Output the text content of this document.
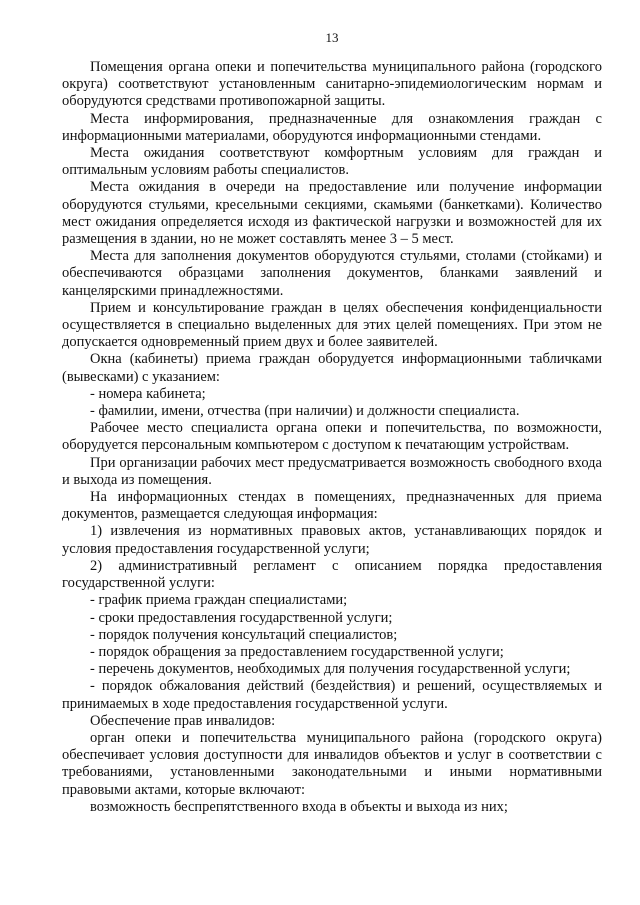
13

Помещения органа опеки и попечительства муниципального района (городского округа) соответствуют установленным санитарно-эпидемиологическим нормам и оборудуются средствами противопожарной защиты.

Места информирования, предназначенные для ознакомления граждан с информационными материалами, оборудуются информационными стендами.

Места ожидания соответствуют комфортным условиям для граждан и оптимальным условиям работы специалистов.

Места ожидания в очереди на предоставление или получение информации оборудуются стульями, кресельными секциями, скамьями (банкетками). Количество мест ожидания определяется исходя из фактической нагрузки и возможностей для их размещения в здании, но не может составлять менее 3 – 5 мест.

Места для заполнения документов оборудуются стульями, столами (стойками) и обеспечиваются образцами заполнения документов, бланками заявлений и канцелярскими принадлежностями.

Прием и консультирование граждан в целях обеспечения конфиденциальности осуществляется в специально выделенных для этих целей помещениях. При этом не допускается одновременный прием двух и более заявителей.

Окна (кабинеты) приема граждан оборудуется информационными табличками (вывесками) с указанием:

- номера кабинета;

- фамилии, имени, отчества (при наличии) и должности специалиста.

Рабочее место специалиста органа опеки и попечительства, по возможности, оборудуется персональным компьютером с доступом к печатающим устройствам.

При организации рабочих мест предусматривается возможность свободного входа и выхода из помещения.

На информационных стендах в помещениях, предназначенных для приема документов, размещается следующая информация:

1) извлечения из нормативных правовых актов, устанавливающих порядок и условия предоставления государственной услуги;

2) административный регламент с описанием порядка предоставления государственной услуги:

- график приема граждан специалистами;

- сроки предоставления государственной услуги;

- порядок получения консультаций специалистов;

- порядок обращения за предоставлением государственной услуги;

- перечень документов, необходимых для получения государственной услуги;

- порядок обжалования действий (бездействия) и решений, осуществляемых и принимаемых в ходе предоставления государственной услуги.

Обеспечение прав инвалидов:

орган опеки и попечительства муниципального района (городского округа) обеспечивает условия доступности для инвалидов объектов и услуг в соответствии с требованиями, установленными законодательными и иными нормативными правовыми актами, которые включают:

возможность беспрепятственного входа в объекты и выхода из них;
